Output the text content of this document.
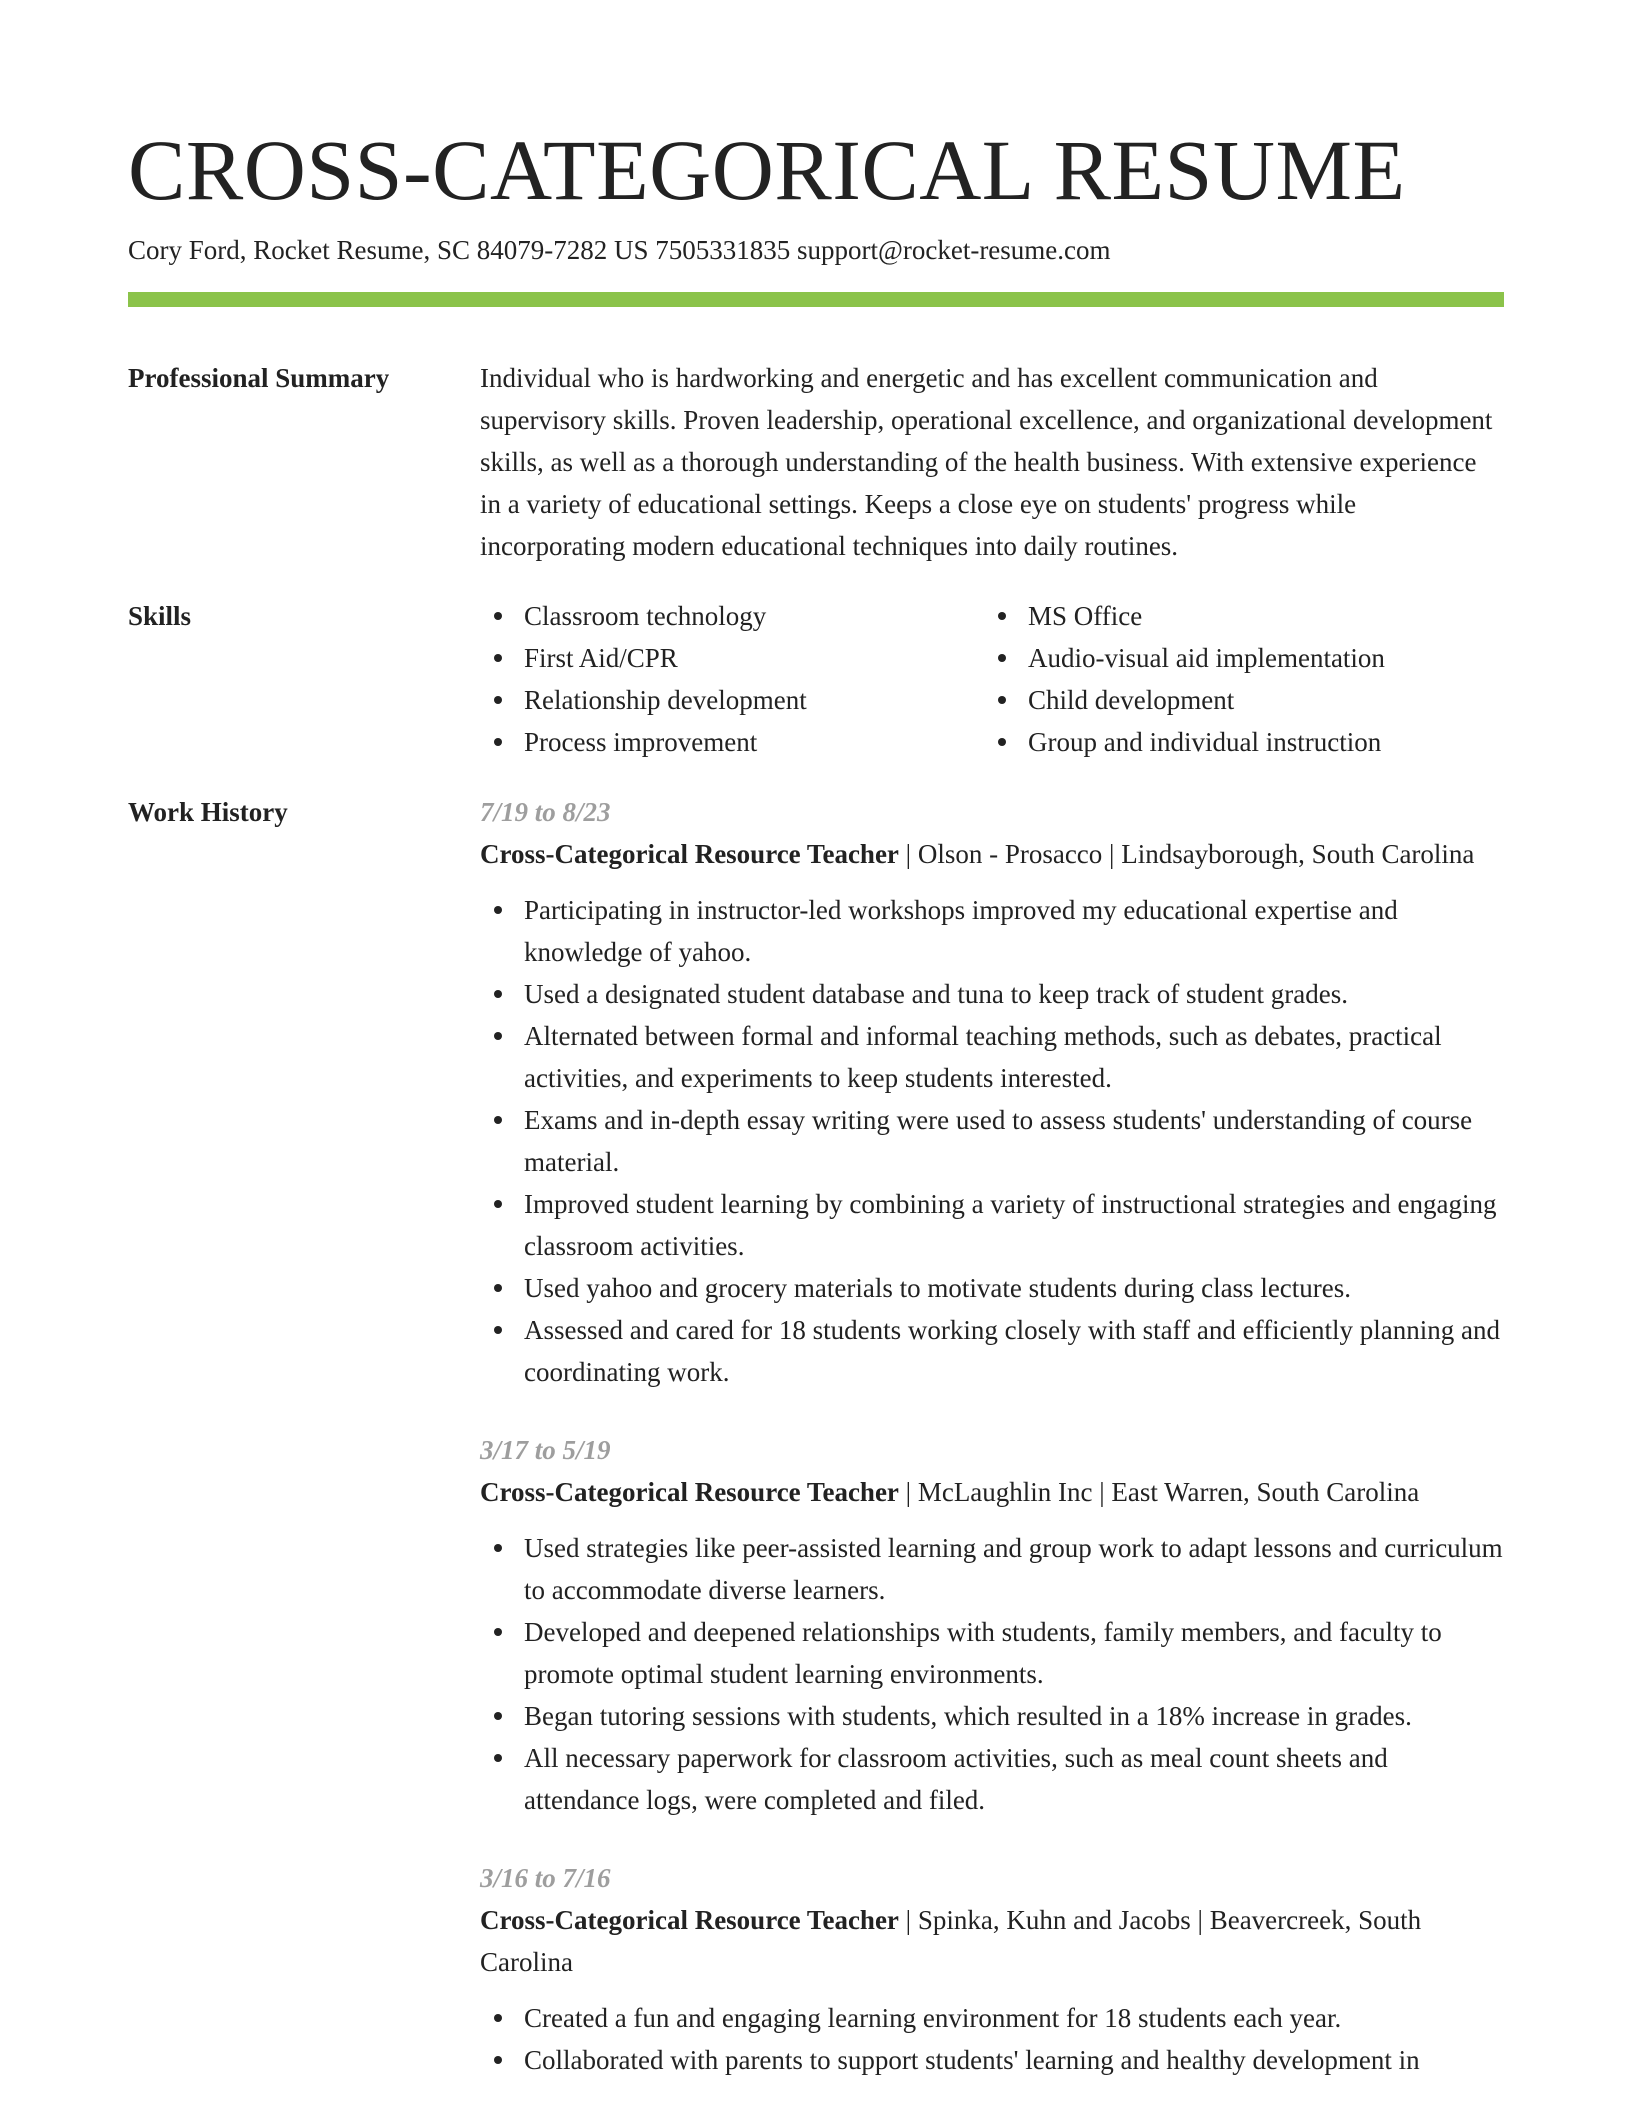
CROSS-CATEGORICAL RESUME
Cory Ford, Rocket Resume, SC 84079-7282 US 7505331835 support@rocket-resume.com
Professional Summary	Individual who is hardworking and energetic and has excellent communication and supervisory skills. Proven leadership, operational excellence, and organizational development skills, as well as a thorough understanding of the health business. With extensive experience in a variety of educational settings. Keeps a close eye on students' progress while incorporating modern educational techniques into daily routines.

Skills	Classroom technology
First Aid/CPR
Relationship development
Process improvement
MS Office
Audio-visual aid implementation
Child development
Group and individual instruction
Work History	7/19 to 8/23
Cross-Categorical Resource Teacher | Olson - Prosacco | Lindsayborough, South Carolina
Participating in instructor-led workshops improved my educational expertise and knowledge of yahoo.
Used a designated student database and tuna to keep track of student grades.
Alternated between formal and informal teaching methods, such as debates, practical activities, and experiments to keep students interested.
Exams and in-depth essay writing were used to assess students' understanding of course material.
Improved student learning by combining a variety of instructional strategies and engaging classroom activities.
Used yahoo and grocery materials to motivate students during class lectures.
Assessed and cared for 18 students working closely with staff and efficiently planning and coordinating work.
3/17 to 5/19
Cross-Categorical Resource Teacher | McLaughlin Inc | East Warren, South Carolina
Used strategies like peer-assisted learning and group work to adapt lessons and curriculum to accommodate diverse learners.
Developed and deepened relationships with students, family members, and faculty to promote optimal student learning environments.
Began tutoring sessions with students, which resulted in a 18% increase in grades.
All necessary paperwork for classroom activities, such as meal count sheets and attendance logs, were completed and filed.
3/16 to 7/16
Cross-Categorical Resource Teacher | Spinka, Kuhn and Jacobs | Beavercreek, South Carolina
Created a fun and engaging learning environment for 18 students each year.
Collaborated with parents to support students' learning and healthy development in
